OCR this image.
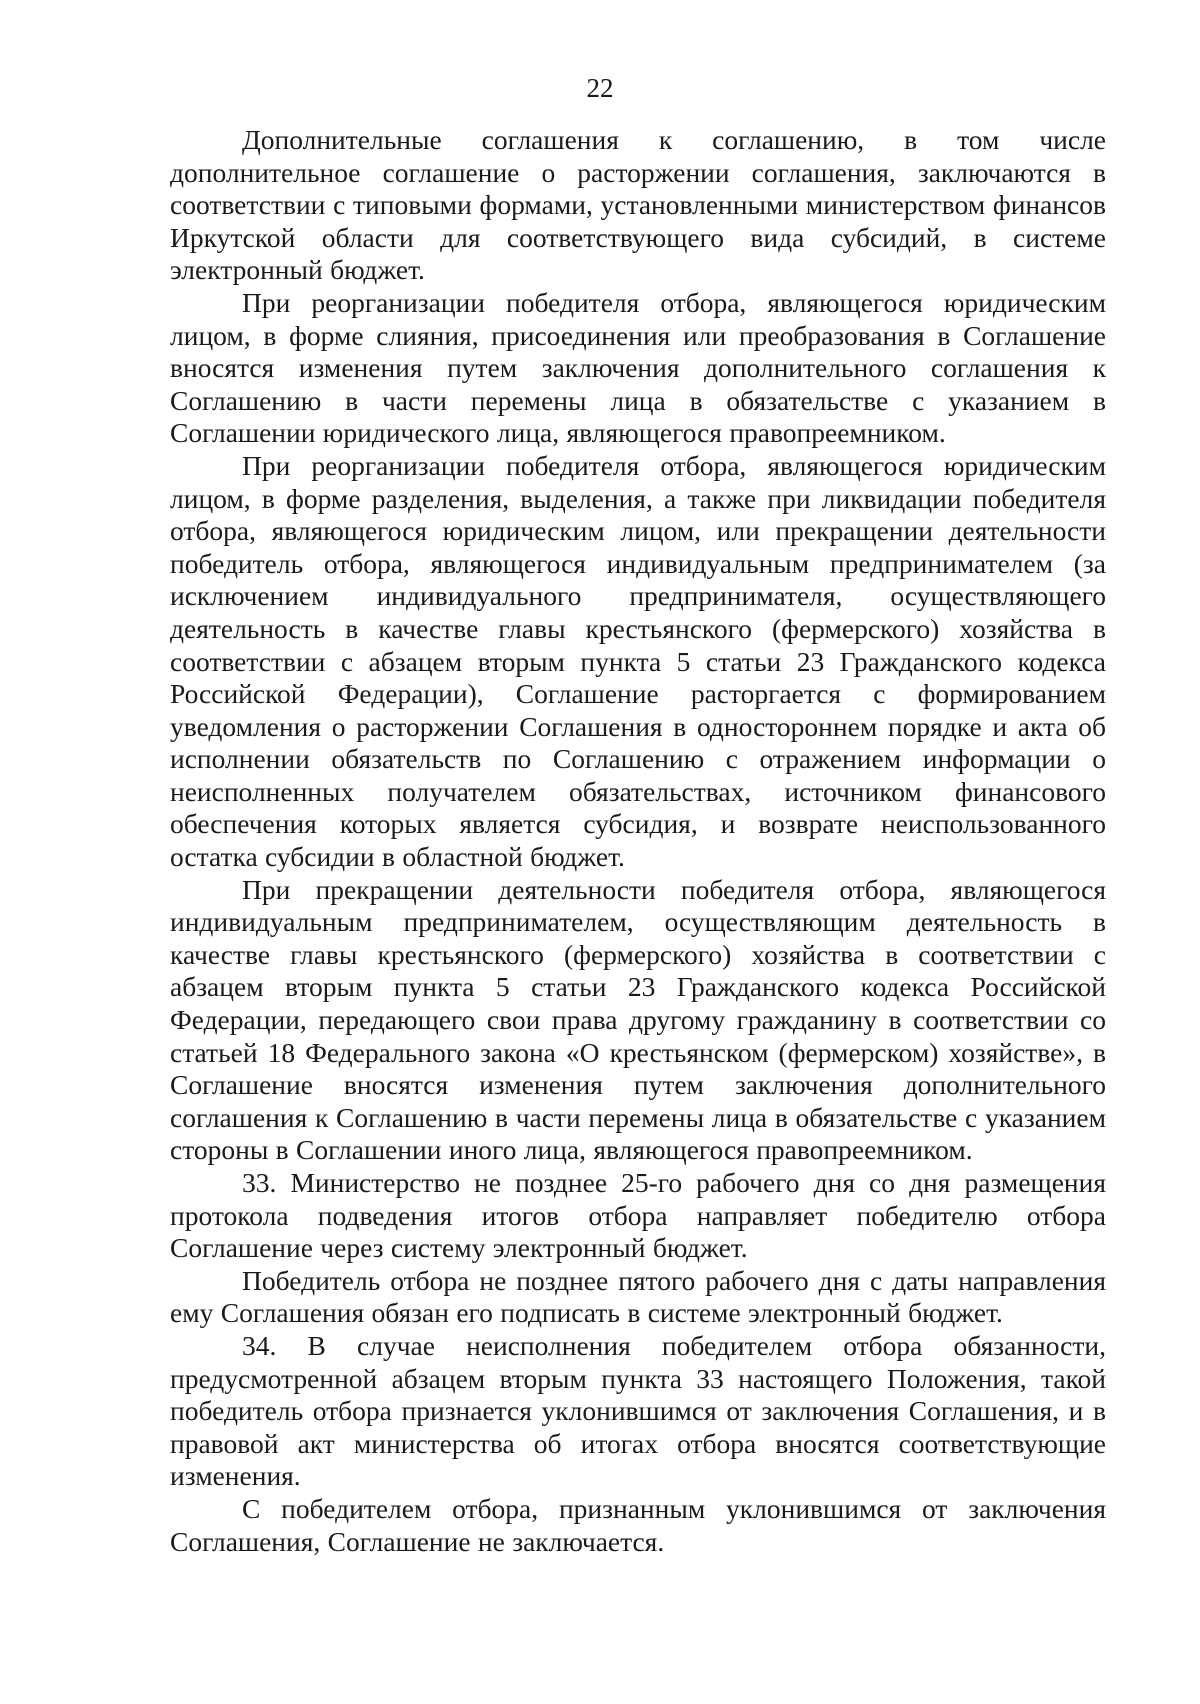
22

Дополнительные соглашения к соглашению, в том числе дополнительное соглашение о расторжении соглашения, заключаются в соответствии с типовыми формами, установленными министерством финансов Иркутской области для соответствующего вида субсидий, в системе электронный бюджет.

При реорганизации победителя отбора, являющегося юридическим лицом, в форме слияния, присоединения или преобразования в Соглашение вносятся изменения путем заключения дополнительного соглашения к Соглашению в части перемены лица в обязательстве с указанием в Соглашении юридического лица, являющегося правопреемником.

При реорганизации победителя отбора, являющегося юридическим лицом, в форме разделения, выделения, а также при ликвидации победителя отбора, являющегося юридическим лицом, или прекращении деятельности победитель отбора, являющегося индивидуальным предпринимателем (за исключением индивидуального предпринимателя, осуществляющего деятельность в качестве главы крестьянского (фермерского) хозяйства в соответствии с абзацем вторым пункта 5 статьи 23 Гражданского кодекса Российской Федерации), Соглашение расторгается с формированием уведомления о расторжении Соглашения в одностороннем порядке и акта об исполнении обязательств по Соглашению с отражением информации о неисполненных получателем обязательствах, источником финансового обеспечения которых является субсидия, и возврате неиспользованного остатка субсидии в областной бюджет.

При прекращении деятельности победителя отбора, являющегося индивидуальным предпринимателем, осуществляющим деятельность в качестве главы крестьянского (фермерского) хозяйства в соответствии с абзацем вторым пункта 5 статьи 23 Гражданского кодекса Российской Федерации, передающего свои права другому гражданину в соответствии со статьей 18 Федерального закона «О крестьянском (фермерском) хозяйстве», в Соглашение вносятся изменения путем заключения дополнительного соглашения к Соглашению в части перемены лица в обязательстве с указанием стороны в Соглашении иного лица, являющегося правопреемником.

33. Министерство не позднее 25-го рабочего дня со дня размещения протокола подведения итогов отбора направляет победителю отбора Соглашение через систему электронный бюджет.

Победитель отбора не позднее пятого рабочего дня с даты направления ему Соглашения обязан его подписать в системе электронный бюджет.

34. В случае неисполнения победителем отбора обязанности, предусмотренной абзацем вторым пункта 33 настоящего Положения, такой победитель отбора признается уклонившимся от заключения Соглашения, и в правовой акт министерства об итогах отбора вносятся соответствующие изменения.

С победителем отбора, признанным уклонившимся от заключения Соглашения, Соглашение не заключается.
